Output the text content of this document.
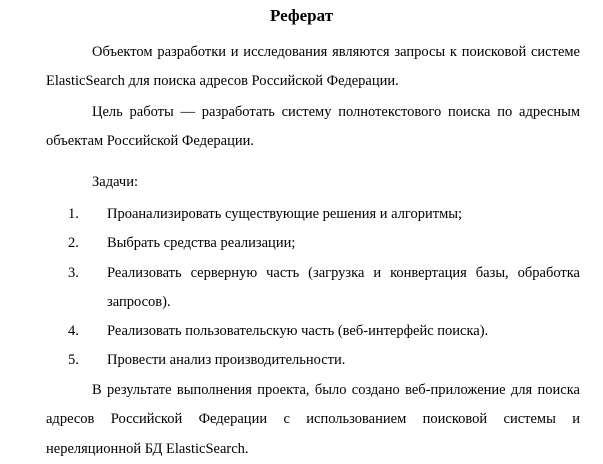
Реферат

Объектом разработки и исследования являются запросы к поисковой системе ElasticSearch для поиска адресов Российской Федерации.

Цель работы — разработать систему полнотекстового поиска по адресным объектам Российской Федерации.

Задачи:
1. Проанализировать существующие решения и алгоритмы;
2. Выбрать средства реализации;
3. Реализовать серверную часть (загрузка и конвертация базы, обработка запросов).
4. Реализовать пользовательскую часть (веб-интерфейс поиска).
5. Провести анализ производительности.

В результате выполнения проекта, было создано веб-приложение для поиска адресов Российской Федерации с использованием поисковой системы и нереляционной БД ElasticSearch.
